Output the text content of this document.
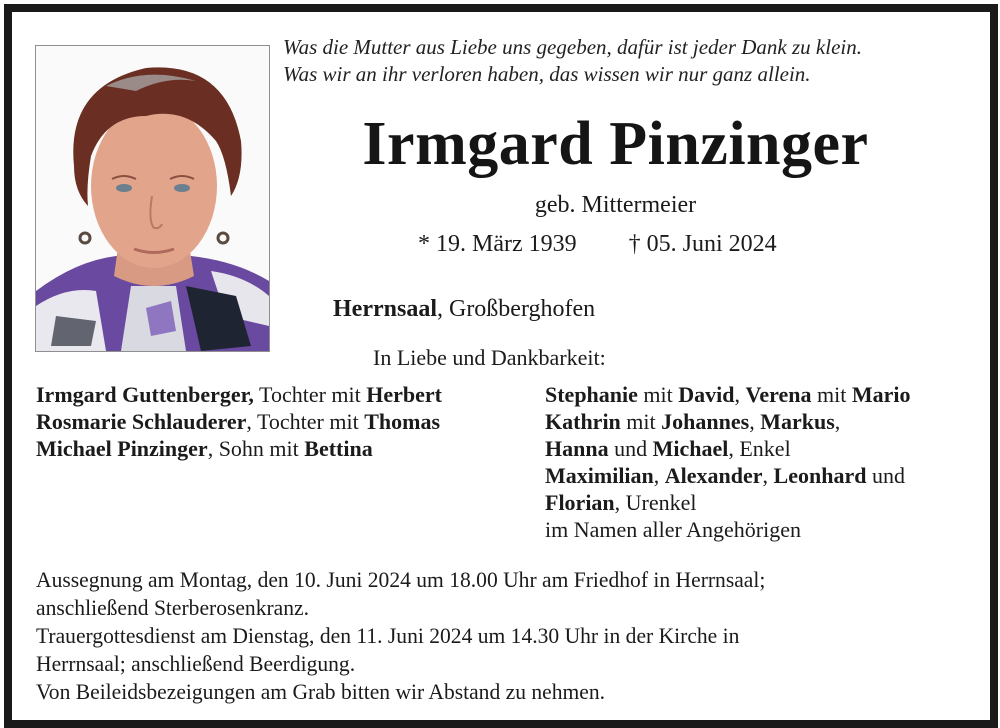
Was die Mutter aus Liebe uns gegeben, dafür ist jeder Dank zu klein.
Was wir an ihr verloren haben, das wissen wir nur ganz allein.
Irmgard Pinzinger
geb. Mittermeier
* 19. März 1939 † 05. Juni 2024
Herrnsaal, Großberghofen
In Liebe und Dankbarkeit:
Irmgard Guttenberger, Tochter mit Herbert
Rosmarie Schlauderer, Tochter mit Thomas
Michael Pinzinger, Sohn mit Bettina
Stephanie mit David, Verena mit Mario
Kathrin mit Johannes, Markus,
Hanna und Michael, Enkel
Maximilian, Alexander, Leonhard und
Florian, Urenkel
im Namen aller Angehörigen
Aussegnung am Montag, den 10. Juni 2024 um 18.00 Uhr am Friedhof in Herrnsaal;
anschließend Sterberosenkranz.
Trauergottesdienst am Dienstag, den 11. Juni 2024 um 14.30 Uhr in der Kirche in
Herrnsaal; anschließend Beerdigung.
Von Beileidsbezeigungen am Grab bitten wir Abstand zu nehmen.
